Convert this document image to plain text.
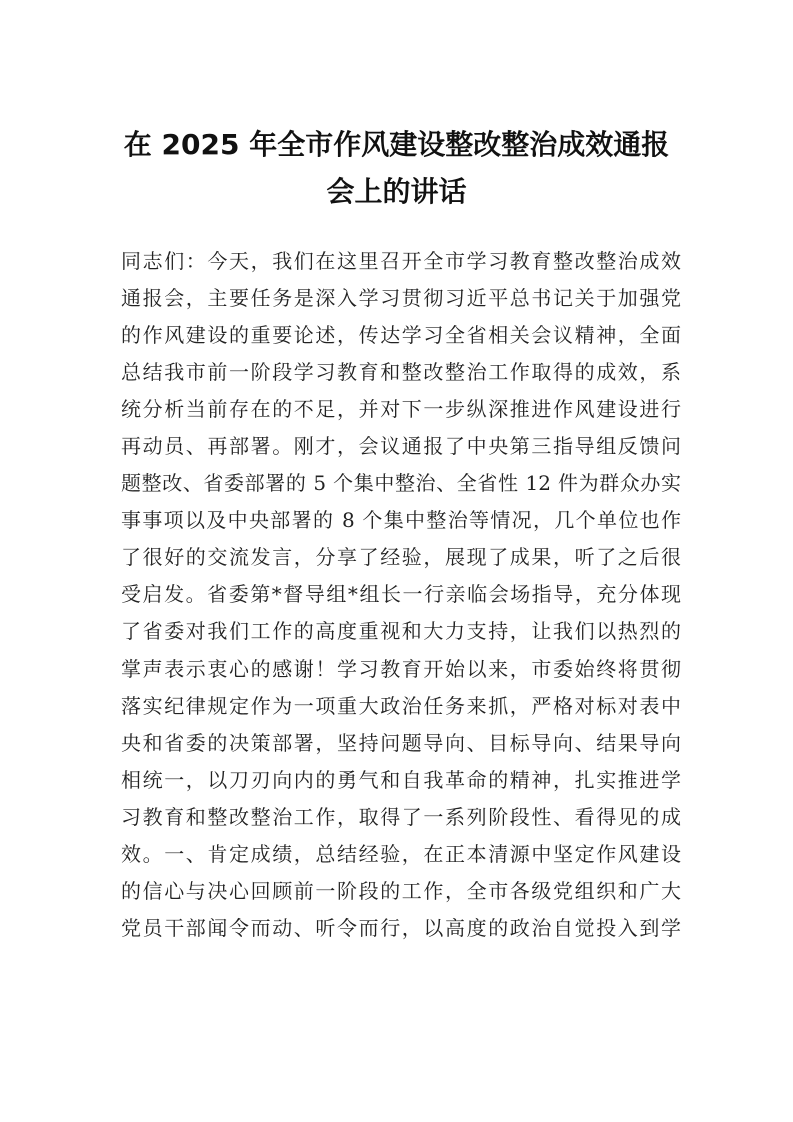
在 2025 年全市作风建设整改整治成效通报
会上的讲话
同志们：今天，我们在这里召开全市学习教育整改整治成效
通报会，主要任务是深入学习贯彻习近平总书记关于加强党
的作风建设的重要论述，传达学习全省相关会议精神，全面
总结我市前一阶段学习教育和整改整治工作取得的成效，系
统分析当前存在的不足，并对下一步纵深推进作风建设进行
再动员、再部署。刚才，会议通报了中央第三指导组反馈问
题整改、省委部署的 5 个集中整治、全省性 12 件为群众办实
事事项以及中央部署的 8 个集中整治等情况，几个单位也作
了很好的交流发言，分享了经验，展现了成果，听了之后很
受启发。省委第*督导组*组长一行亲临会场指导，充分体现
了省委对我们工作的高度重视和大力支持，让我们以热烈的
掌声表示衷心的感谢！学习教育开始以来，市委始终将贯彻
落实纪律规定作为一项重大政治任务来抓，严格对标对表中
央和省委的决策部署，坚持问题导向、目标导向、结果导向
相统一，以刀刃向内的勇气和自我革命的精神，扎实推进学
习教育和整改整治工作，取得了一系列阶段性、看得见的成
效。一、肯定成绩，总结经验，在正本清源中坚定作风建设
的信心与决心回顾前一阶段的工作，全市各级党组织和广大
党员干部闻令而动、听令而行，以高度的政治自觉投入到学
